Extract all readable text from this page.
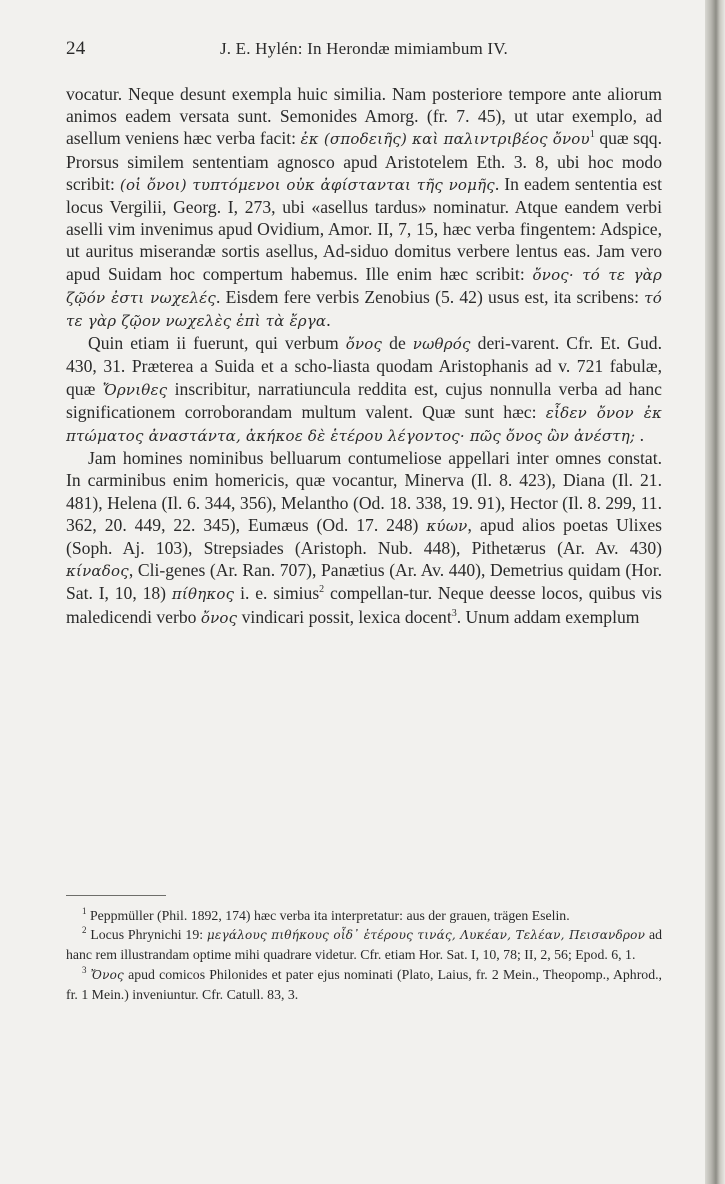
24	J. E. Hylén: In Herondæ mimiambum IV.

vocatur. Neque desunt exempla huic similia. Nam posteriore tempore ante aliorum animos eadem versata sunt. Semonides Amorg. (fr. 7. 45), ut utar exemplo, ad asellum veniens hæc verba facit: ἐκ (σποδειῆς) καὶ παλιντριβέος ὄνου$^1$ quæ sqq. Prorsus similem sententiam agnosco apud Aristotelem Eth. 3. 8, ubi hoc modo scribit: (οἱ ὄνοι) τυπτόμενοι οὐκ ἀφίστανται τῆς νομῆς. In eadem sententia est locus Vergilii, Georg. I, 273, ubi «asellus tardus» nominatur. Atque eandem verbi aselli vim invenimus apud Ovidium, Amor. II, 7, 15, hæc verba fingentem: Adspice, ut auritus miserandæ sortis asellus, Ad-siduo domitus verbere lentus eas. Jam vero apud Suidam hoc compertum habemus. Ille enim hæc scribit: ὄνος· τό τε γὰρ ζῷόν ἐστι νωχελές. Eisdem fere verbis Zenobius (5. 42) usus est, ita scribens: τό τε γὰρ ζῷον νωχελὲς ἐπὶ τὰ ἔργα.

Quin etiam ii fuerunt, qui verbum ὄνος de νωθρός deri-varent. Cfr. Et. Gud. 430, 31. Præterea a Suida et a scho-liasta quodam Aristophanis ad v. 721 fabulæ, quæ Ὄρνιθες inscribitur, narratiuncula reddita est, cujus nonnulla verba ad hanc significationem corroborandam multum valent. Quæ sunt hæc: εἶδεν ὄνον ἐκ πτώματος ἀναστάντα, ἀκήκοε δὲ ἑτέρου λέγοντος· πῶς ὄνος ὢν ἀνέστη; .

Jam homines nominibus belluarum contumeliose appellari inter omnes constat. In carminibus enim homericis, quæ vocantur, Minerva (Il. 8. 423), Diana (Il. 21. 481), Helena (Il. 6. 344, 356), Melantho (Od. 18. 338, 19. 91), Hector (Il. 8. 299, 11. 362, 20. 449, 22. 345), Eumæus (Od. 17. 248) κύων, apud alios poetas Ulixes (Soph. Aj. 103), Strepsiades (Aristoph. Nub. 448), Pithetærus (Ar. Av. 430) κίναδος, Cli-genes (Ar. Ran. 707), Panætius (Ar. Av. 440), Demetrius quidam (Hor. Sat. I, 10, 18) πίθηκος i. e. simius$^2$ compellan-tur. Neque deesse locos, quibus vis maledicendi verbo ὄνος vindicari possit, lexica docent$^3$. Unum addam exemplum

$^1$ Peppmüller (Phil. 1892, 174) hæc verba ita interpretatur: aus der grauen, trägen Eselin.

$^2$ Locus Phrynichi 19: μεγάλους πιθήκους οἶδ᾽ ἑτέρους τινάς, Λυκέαν, Τελέαν, Πεισανδρον ad hanc rem illustrandam optime mihi quadrare videtur. Cfr. etiam Hor. Sat. I, 10, 78; II, 2, 56; Epod. 6, 1.

$^3$ Ὄνος apud comicos Philonides et pater ejus nominati (Plato, Laius, fr. 2 Mein., Theopomp., Aphrod., fr. 1 Mein.) inveniuntur. Cfr. Catull. 83, 3.
